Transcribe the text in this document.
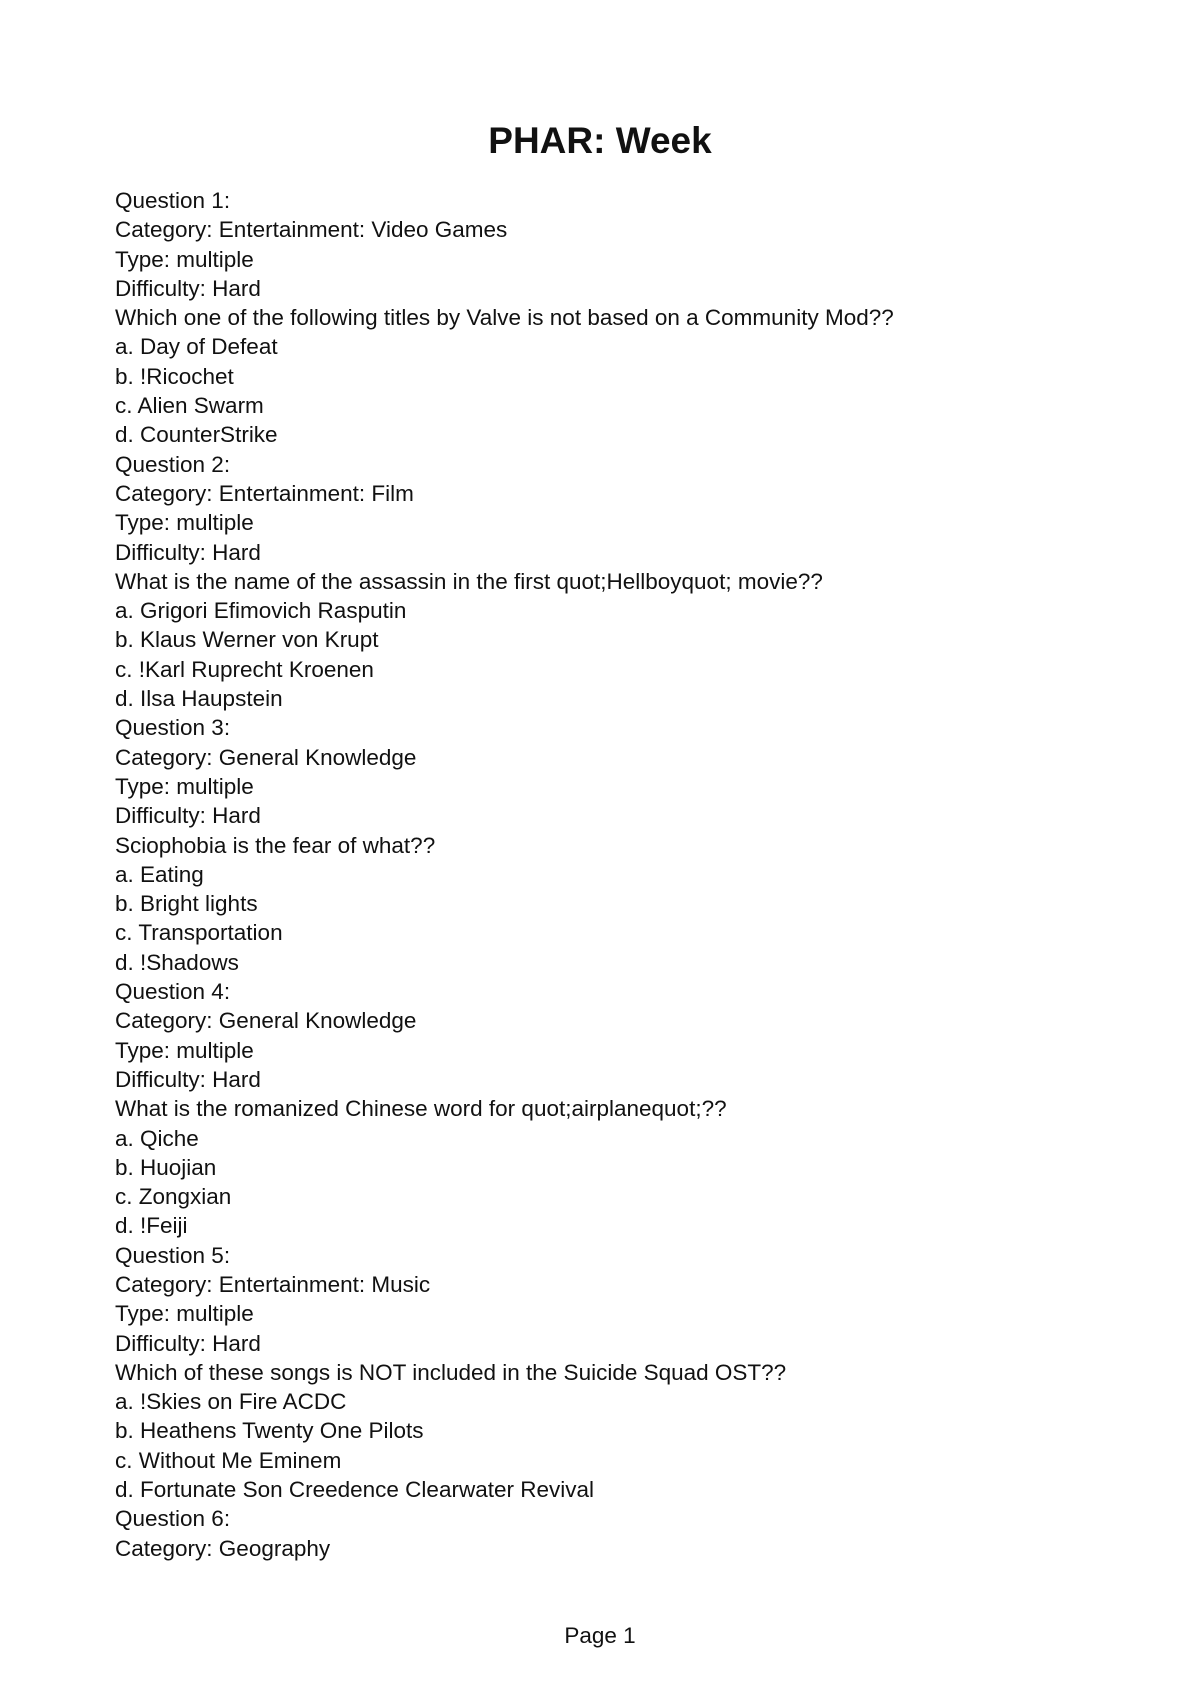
PHAR: Week
Question 1:
Category: Entertainment: Video Games
Type: multiple
Difficulty: Hard
Which one of the following titles by Valve is not based on a Community Mod??
a. Day of Defeat
b. !Ricochet
c. Alien Swarm
d. CounterStrike
Question 2:
Category: Entertainment: Film
Type: multiple
Difficulty: Hard
What is the name of the assassin in the first quot;Hellboyquot; movie??
a. Grigori Efimovich Rasputin
b. Klaus Werner von Krupt
c. !Karl Ruprecht Kroenen
d. Ilsa Haupstein
Question 3:
Category: General Knowledge
Type: multiple
Difficulty: Hard
Sciophobia is the fear of what??
a. Eating
b. Bright lights
c. Transportation
d. !Shadows
Question 4:
Category: General Knowledge
Type: multiple
Difficulty: Hard
What is the romanized Chinese word for quot;airplanequot;??
a. Qiche
b. Huojian
c. Zongxian
d. !Feiji
Question 5:
Category: Entertainment: Music
Type: multiple
Difficulty: Hard
Which of these songs is NOT included in the Suicide Squad OST??
a. !Skies on Fire ACDC
b. Heathens Twenty One Pilots
c. Without Me Eminem
d. Fortunate Son Creedence Clearwater Revival
Question 6:
Category: Geography
Page 1
